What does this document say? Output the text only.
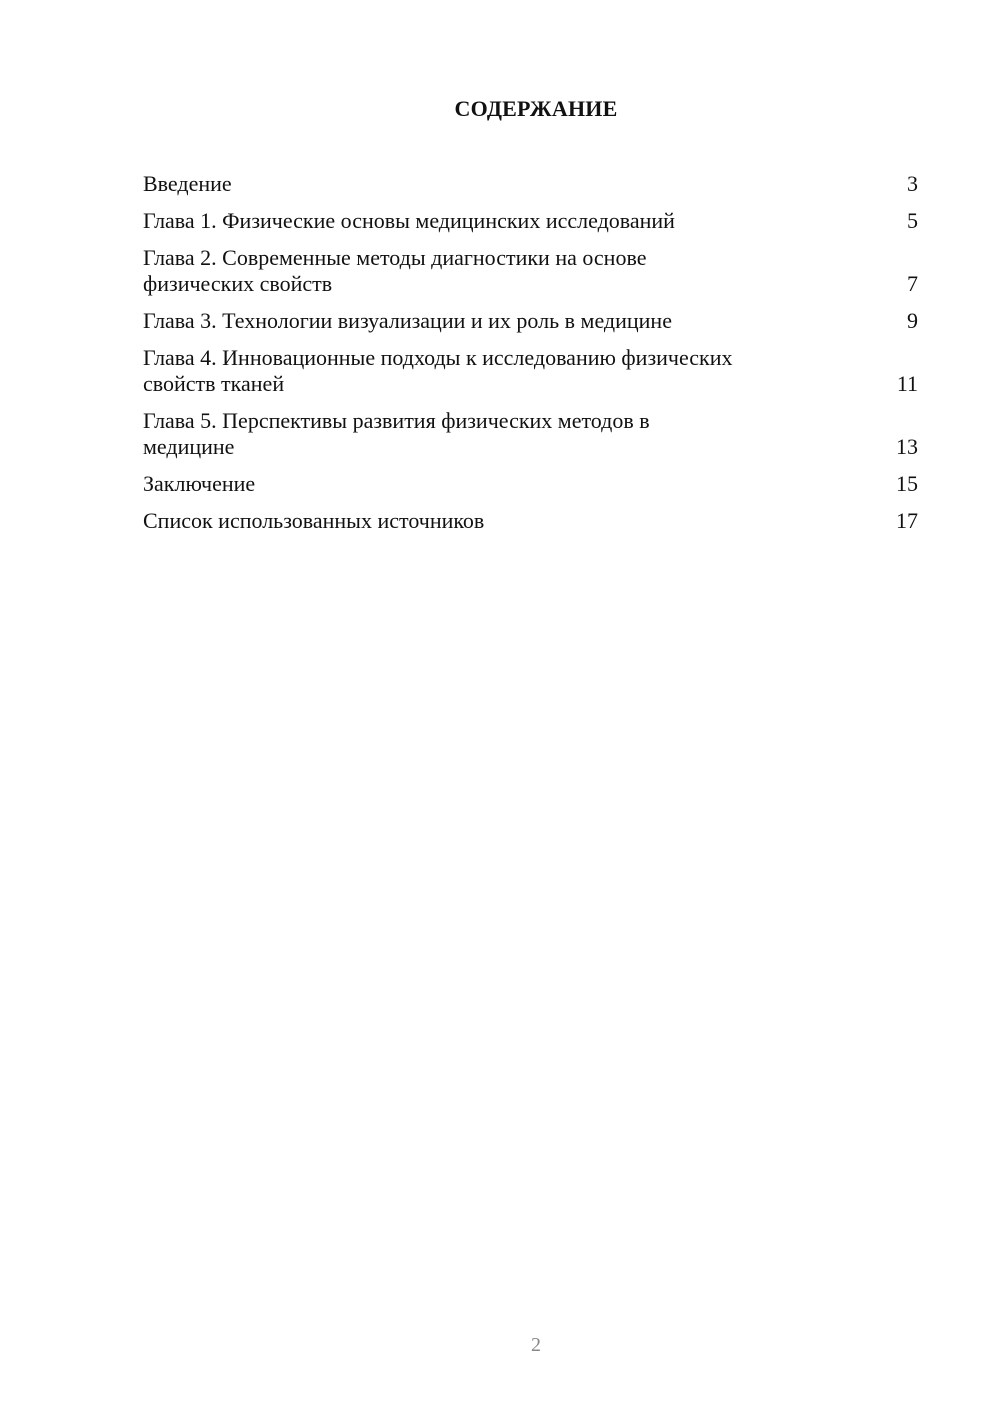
СОДЕРЖАНИЕ
Введение	3
Глава 1. Физические основы медицинских исследований	5
Глава 2. Современные методы диагностики на основе
физических свойств	7
Глава 3. Технологии визуализации и их роль в медицине	9
Глава 4. Инновационные подходы к исследованию физических
свойств тканей	11
Глава 5. Перспективы развития физических методов в
медицине	13
Заключение	15
Список использованных источников	17
2
